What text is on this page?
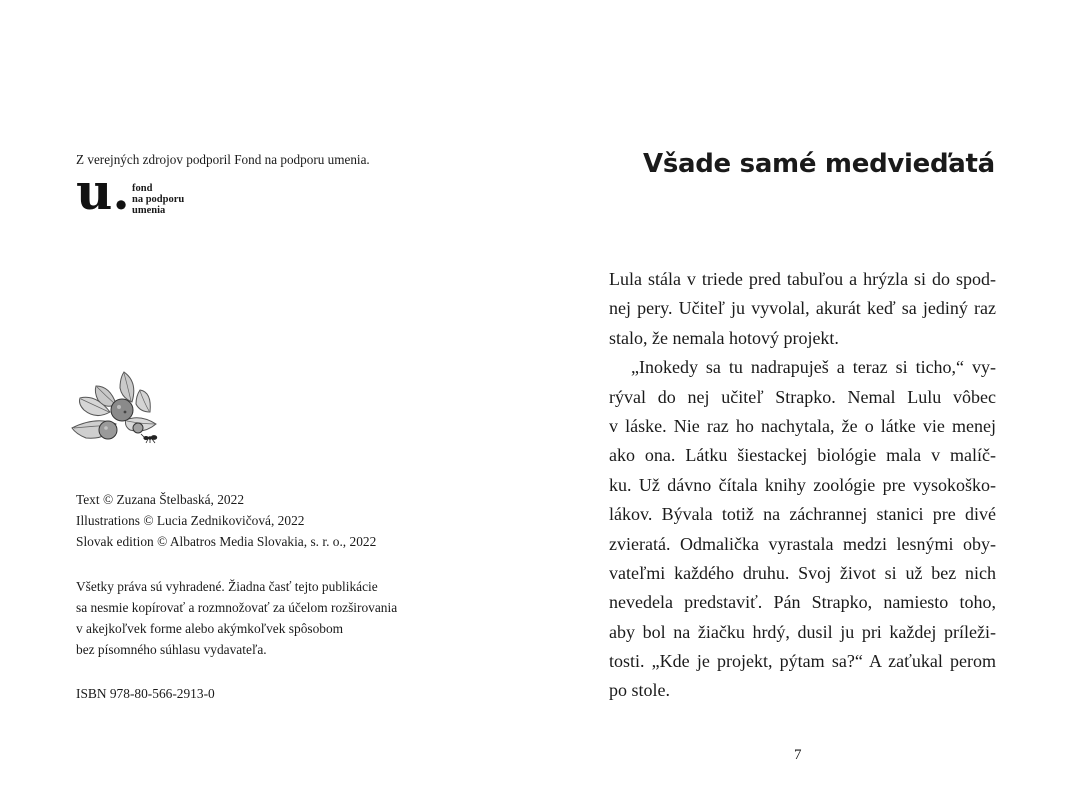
Z verejných zdrojov podporil Fond na podporu umenia.
u. fond
na podporu
umenia
Text © Zuzana Štelbaská, 2022
Illustrations © Lucia Zednikovičová, 2022
Slovak edition © Albatros Media Slovakia, s. r. o., 2022
Všetky práva sú vyhradené. Žiadna časť tejto publikácie
sa nesmie kopírovať a rozmnožovať za účelom rozširovania
v akejkoľvek forme alebo akýmkoľvek spôsobom
bez písomného súhlasu vydavateľa.
ISBN 978-80-566-2913-0
Všade samé medvieďatá
Lula stála v triede pred tabuľou a hrýzla si do spod-
nej pery. Učiteľ ju vyvolal, akurát keď sa jediný raz
stalo, že nemala hotový projekt.
„Inokedy sa tu nadrapuješ a teraz si ticho,“ vy-
rýval do nej učiteľ Strapko. Nemal Lulu vôbec
v láske. Nie raz ho nachytala, že o látke vie menej
ako ona. Látku šiestackej biológie mala v malíč-
ku. Už dávno čítala knihy zoológie pre vysokoško-
lákov. Bývala totiž na záchrannej stanici pre divé
zvieratá. Odmalička vyrastala medzi lesnými oby-
vateľmi každého druhu. Svoj život si už bez nich
nevedela predstaviť. Pán Strapko, namiesto toho,
aby bol na žiačku hrdý, dusil ju pri každej príleži-
tosti. „Kde je projekt, pýtam sa?“ A zaťukal perom
po stole.
7
